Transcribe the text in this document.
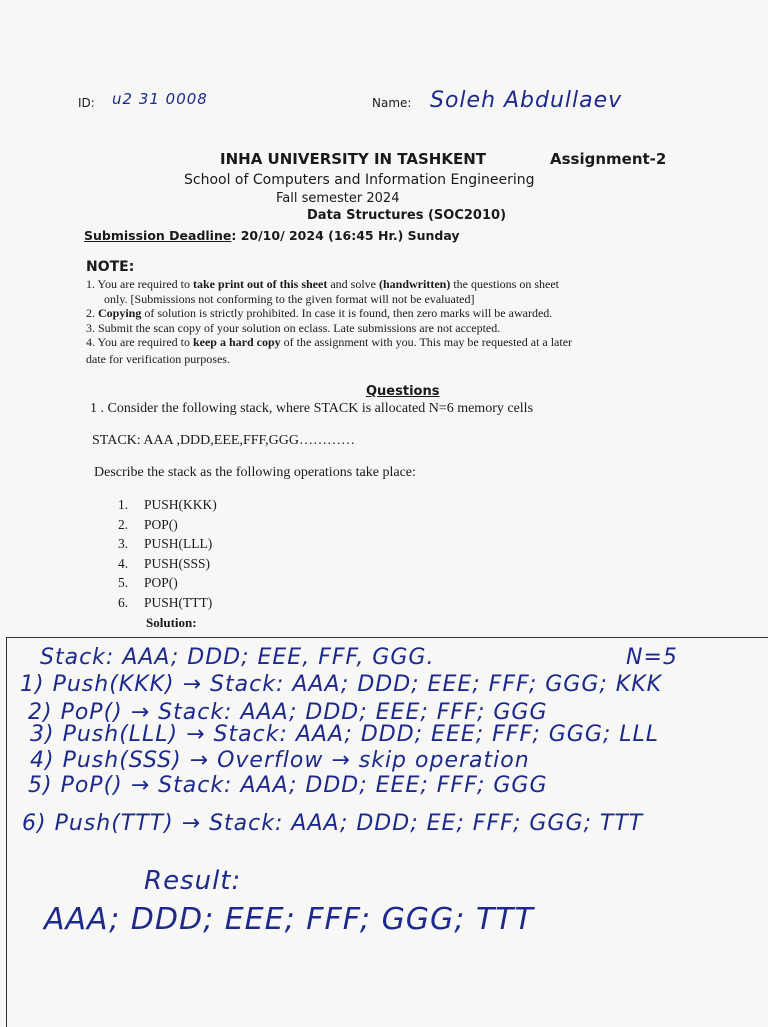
ID: u2 31 0008	Name: Soleh Abdullaev
INHA UNIVERSITY IN TASHKENT	Assignment-2
School of Computers and Information Engineering
Fall semester 2024
Data Structures (SOC2010)
Submission Deadline: 20/10/ 2024 (16:45 Hr.) Sunday
NOTE:
1. You are required to take print out of this sheet and solve (handwritten) the questions on sheet
only. [Submissions not conforming to the given format will not be evaluated]
2. Copying of solution is strictly prohibited. In case it is found, then zero marks will be awarded.
3. Submit the scan copy of your solution on eclass. Late submissions are not accepted.
4. You are required to keep a hard copy of the assignment with you. This may be requested at a later
date for verification purposes.
Questions
1 . Consider the following stack, where STACK is allocated N=6 memory cells
STACK: AAA ,DDD,EEE,FFF,GGG…………
Describe the stack as the following operations take place:
1. PUSH(KKK)
2. POP()
3. PUSH(LLL)
4. PUSH(SSS)
5. POP()
6. PUSH(TTT)
Solution:
Stack: AAA; DDD; EEE, FFF, GGG.	N=5
1) Push(KKK) → Stack: AAA; DDD; EEE; FFF; GGG; KKK
2) PoP() → Stack: AAA; DDD; EEE; FFF; GGG
3) Push(LLL) → Stack: AAA; DDD; EEE; FFF; GGG; LLL
4) Push(SSS) → Overflow → skip operation
5) PoP() → Stack: AAA; DDD; EEE; FFF; GGG
6) Push(TTT) → Stack: AAA; DDD; EE; FFF; GGG; TTT
Result:
AAA; DDD; EEE; FFF; GGG; TTT
